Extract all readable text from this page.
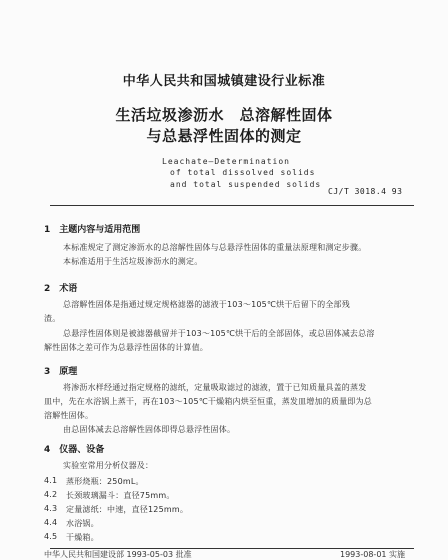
中华人民共和国城镇建设行业标准
生活垃圾渗沥水　总溶解性固体
与总悬浮性固体的测定
Leachate—Determination
of total dissolved solids
and total suspended solids
CJ/T 3018.4 93
1　主题内容与适用范围
本标准规定了测定渗沥水的总溶解性固体与总悬浮性固体的重量法原理和测定步骤。
本标准适用于生活垃圾渗沥水的测定。
2　术语
总溶解性固体是指通过规定规格滤器的滤液于103～105℃烘干后留下的全部残
渣。
总悬浮性固体则是被滤器截留并于103～105℃烘干后的全部固体，或总固体减去总溶
解性固体之差可作为总悬浮性固体的计算值。
3　原理
将渗沥水样经通过指定规格的滤纸，定量吸取滤过的滤液，置于已知质量具盖的蒸发
皿中，先在水浴锅上蒸干，再在103～105℃干燥箱内烘至恒重，蒸发皿增加的质量即为总
溶解性固体。
由总固体减去总溶解性固体即得总悬浮性固体。
4　仪器、设备
实验室常用分析仪器及：
4.1 蒸形烧瓶：250mL。
4.2 长颈玻璃漏斗：直径75mm。
4.3 定量滤纸：中速，直径125mm。
4.4 水浴锅。
4.5 干燥箱。
中华人民共和国建设部 1993-05-03 批准	1993-08-01 实施
